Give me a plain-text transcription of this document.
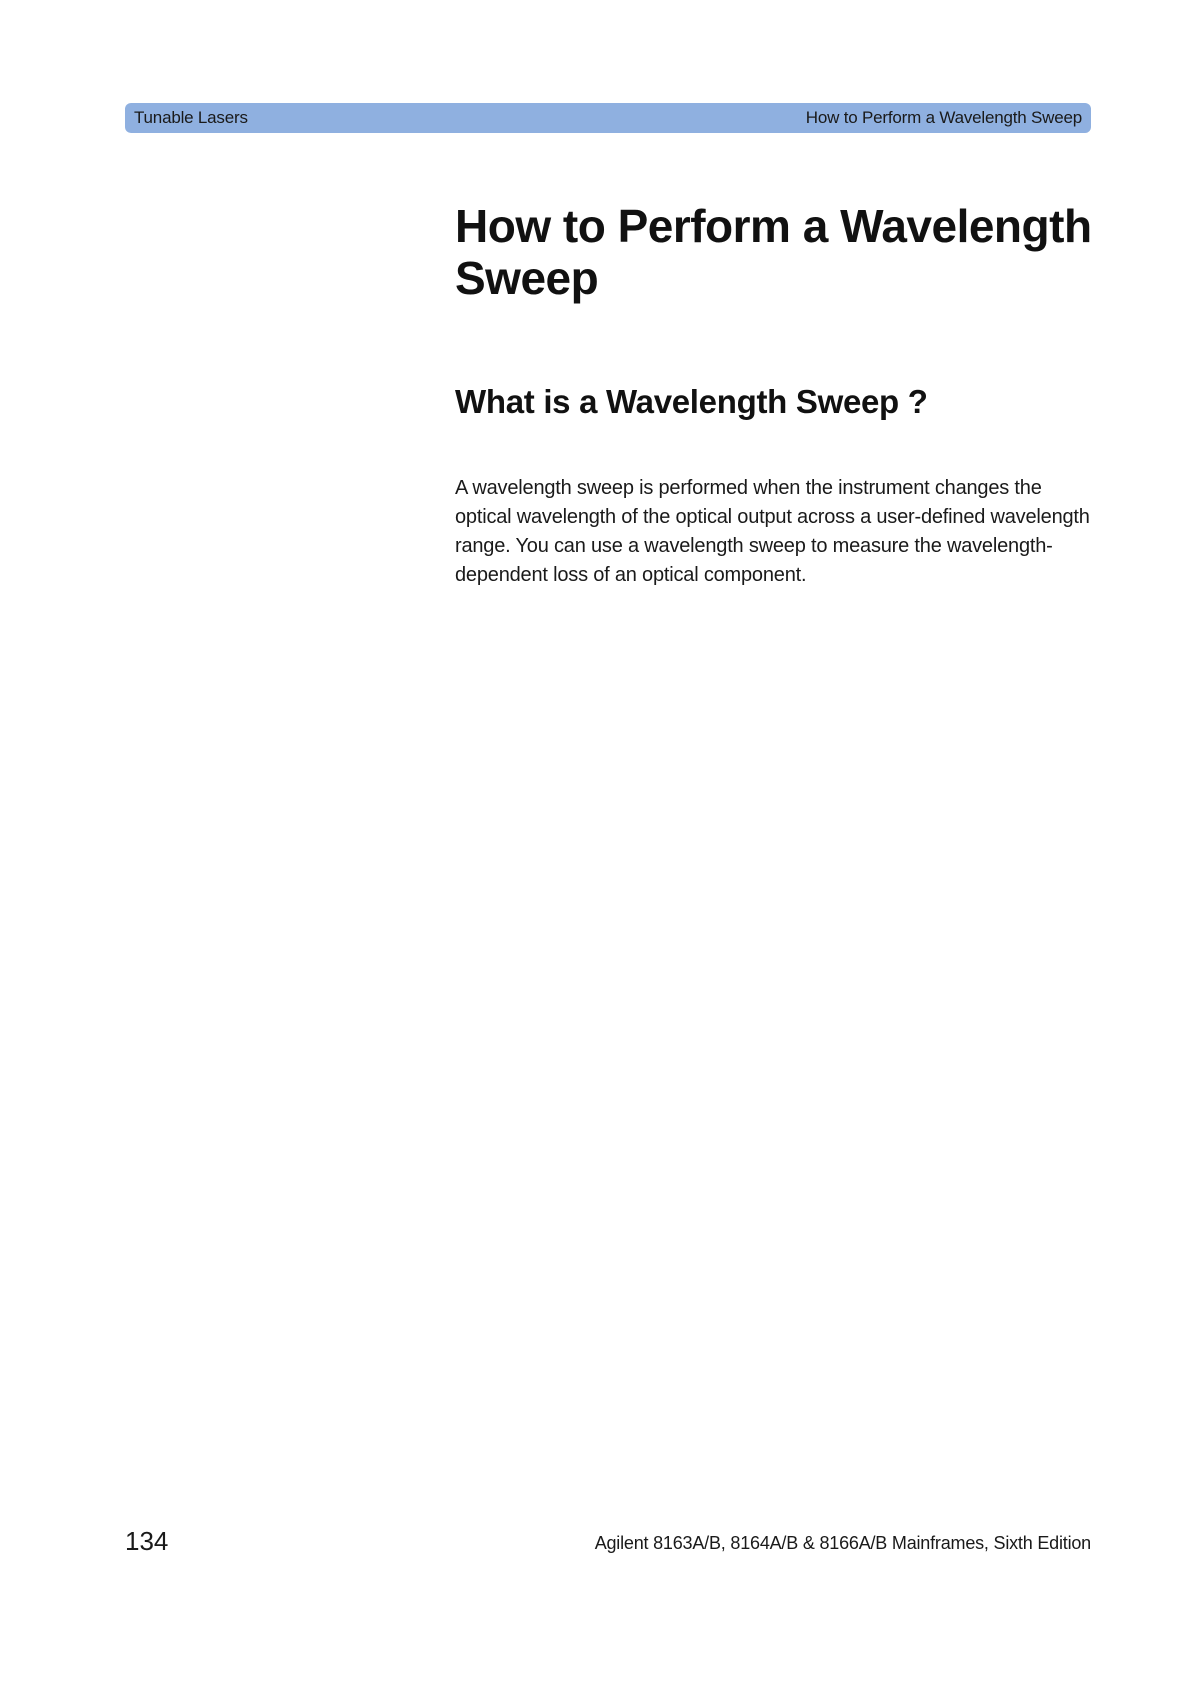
Tunable Lasers	How to Perform a Wavelength Sweep
How to Perform a Wavelength Sweep
What is a Wavelength Sweep ?

A wavelength sweep is performed when the instrument changes the optical wavelength of the optical output across a user-defined wavelength range. You can use a wavelength sweep to measure the wavelength-dependent loss of an optical component.

134	Agilent 8163A/B, 8164A/B & 8166A/B Mainframes, Sixth Edition
